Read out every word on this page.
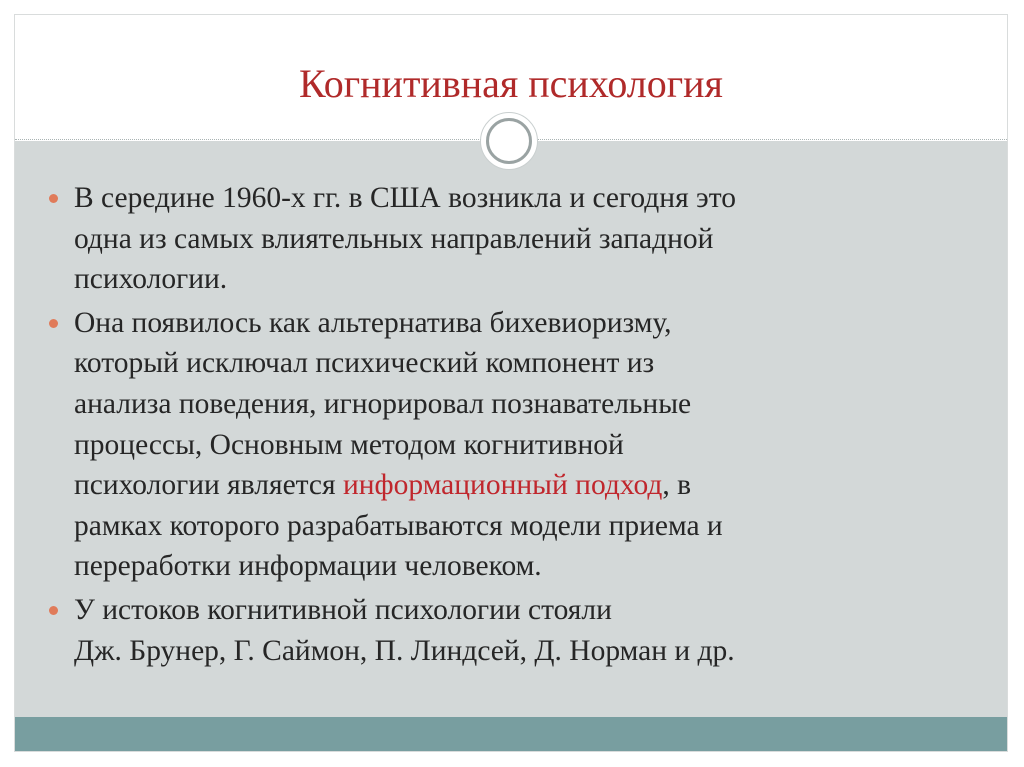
Когнитивная психология
В середине 1960-х гг. в США возникла и сегодня это
одна из самых влиятельных направлений западной
психологии.
Она появилось как альтернатива бихевиоризму,
который исключал психический компонент из
анализа поведения, игнорировал познавательные
процессы, Основным методом когнитивной
психологии является информационный подход, в
рамках которого разрабатываются модели приема и
переработки информации человеком.
У истоков когнитивной психологии стояли
Дж. Брунер, Г. Саймон, П. Линдсей, Д. Норман и др.
